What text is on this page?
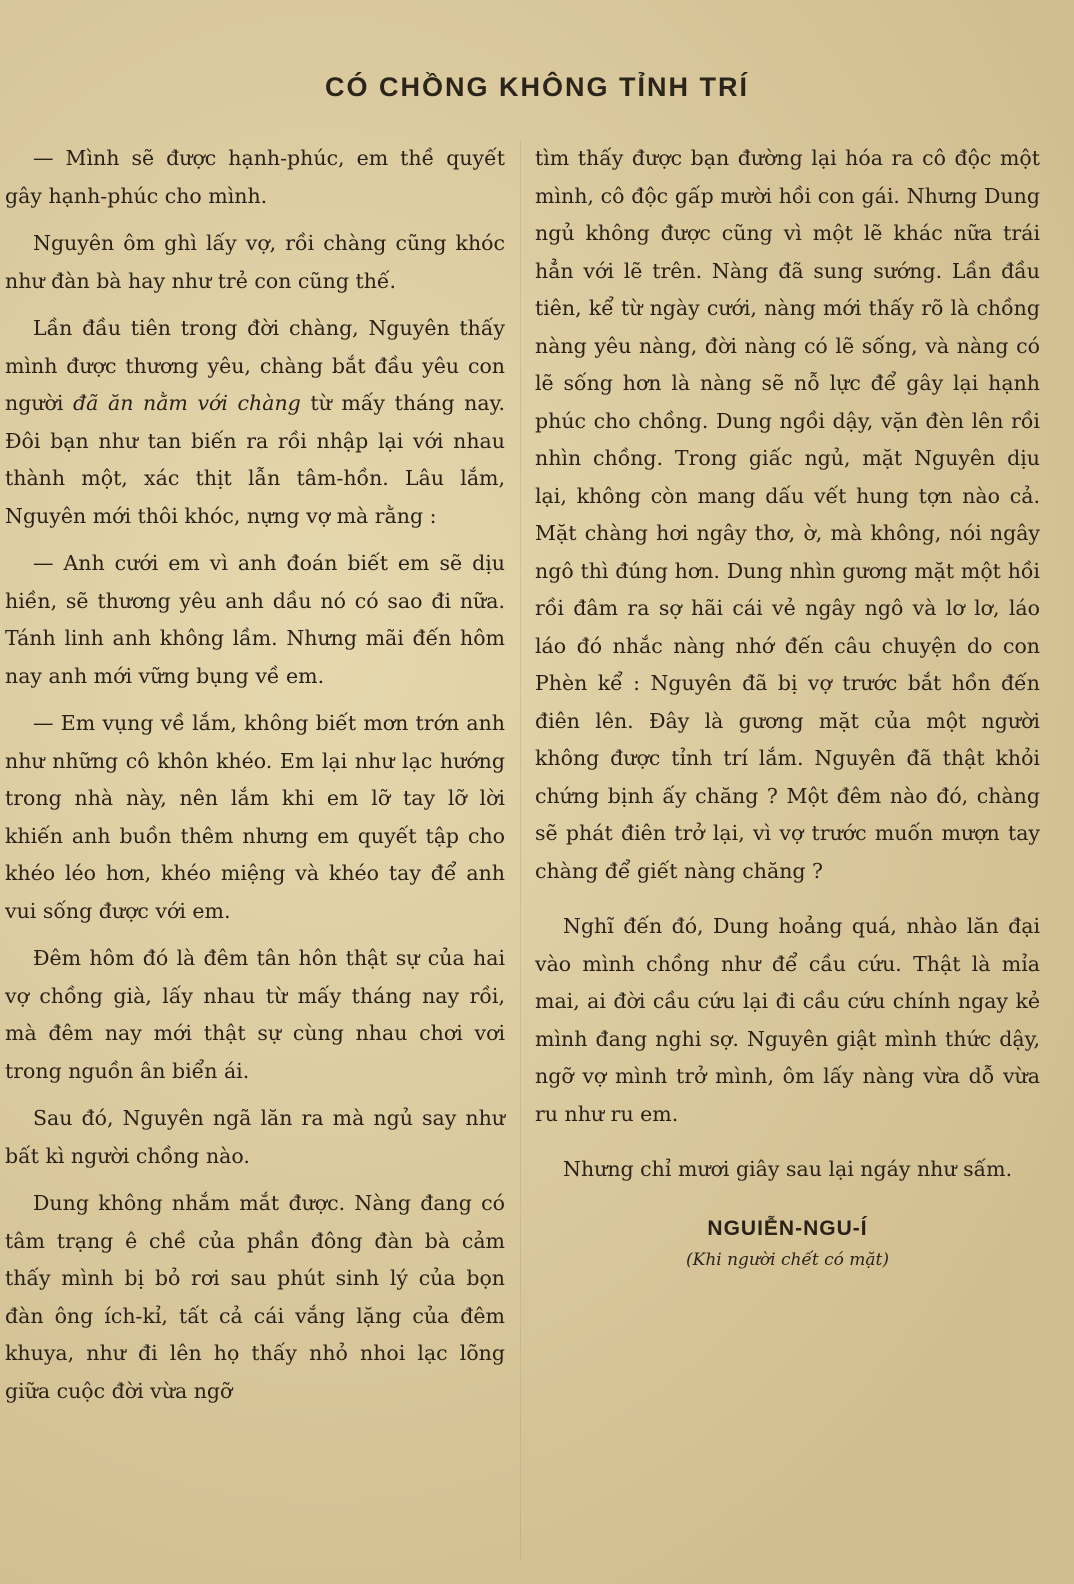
CÓ CHỒNG KHÔNG TỈNH TRÍ

— Mình sẽ được hạnh-phúc, em thề quyết gây hạnh-phúc cho mình.

Nguyên ôm ghì lấy vợ, rồi chàng cũng khóc như đàn bà hay như trẻ con cũng thế.

Lần đầu tiên trong đời chàng, Nguyên thấy mình được thương yêu, chàng bắt đầu yêu con người đã ăn nằm với chàng từ mấy tháng nay. Đôi bạn như tan biến ra rồi nhập lại với nhau thành một, xác thịt lẫn tâm-hồn. Lâu lắm, Nguyên mới thôi khóc, nựng vợ mà rằng :

— Anh cưới em vì anh đoán biết em sẽ dịu hiền, sẽ thương yêu anh dầu nó có sao đi nữa. Tánh linh anh không lầm. Nhưng mãi đến hôm nay anh mới vững bụng về em.

— Em vụng về lắm, không biết mơn trớn anh như những cô khôn khéo. Em lại như lạc hướng trong nhà này, nên lắm khi em lỡ tay lỡ lời khiến anh buồn thêm nhưng em quyết tập cho khéo léo hơn, khéo miệng và khéo tay để anh vui sống được với em.

Đêm hôm đó là đêm tân hôn thật sự của hai vợ chồng già, lấy nhau từ mấy tháng nay rồi, mà đêm nay mới thật sự cùng nhau chơi vơi trong nguồn ân biển ái.

Sau đó, Nguyên ngã lăn ra mà ngủ say như bất kì người chồng nào.

Dung không nhắm mắt được. Nàng đang có tâm trạng ê chề của phần đông đàn bà cảm thấy mình bị bỏ rơi sau phút sinh lý của bọn đàn ông ích-kỉ, tất cả cái vắng lặng của đêm khuya, như đi lên họ thấy nhỏ nhoi lạc lõng giữa cuộc đời vừa ngỡ

tìm thấy được bạn đường lại hóa ra cô độc một mình, cô độc gấp mười hồi con gái. Nhưng Dung ngủ không được cũng vì một lẽ khác nữa trái hẳn với lẽ trên. Nàng đã sung sướng. Lần đầu tiên, kể từ ngày cưới, nàng mới thấy rõ là chồng nàng yêu nàng, đời nàng có lẽ sống, và nàng có lẽ sống hơn là nàng sẽ nỗ lực để gây lại hạnh phúc cho chồng. Dung ngồi dậy, vặn đèn lên rồi nhìn chồng. Trong giấc ngủ, mặt Nguyên dịu lại, không còn mang dấu vết hung tợn nào cả. Mặt chàng hơi ngây thơ, ờ, mà không, nói ngây ngô thì đúng hơn. Dung nhìn gương mặt một hồi rồi đâm ra sợ hãi cái vẻ ngây ngô và lơ lơ, láo láo đó nhắc nàng nhớ đến câu chuyện do con Phèn kể : Nguyên đã bị vợ trước bắt hồn đến điên lên. Đây là gương mặt của một người không được tỉnh trí lắm. Nguyên đã thật khỏi chứng bịnh ấy chăng ? Một đêm nào đó, chàng sẽ phát điên trở lại, vì vợ trước muốn mượn tay chàng để giết nàng chăng ?

Nghĩ đến đó, Dung hoảng quá, nhào lăn đại vào mình chồng như để cầu cứu. Thật là mỉa mai, ai đời cầu cứu lại đi cầu cứu chính ngay kẻ mình đang nghi sợ. Nguyên giật mình thức dậy, ngỡ vợ mình trở mình, ôm lấy nàng vừa dỗ vừa ru như ru em.

Nhưng chỉ mươi giây sau lại ngáy như sấm.

NGUIỄN-NGU-Í
(Khi người chết có mặt)
